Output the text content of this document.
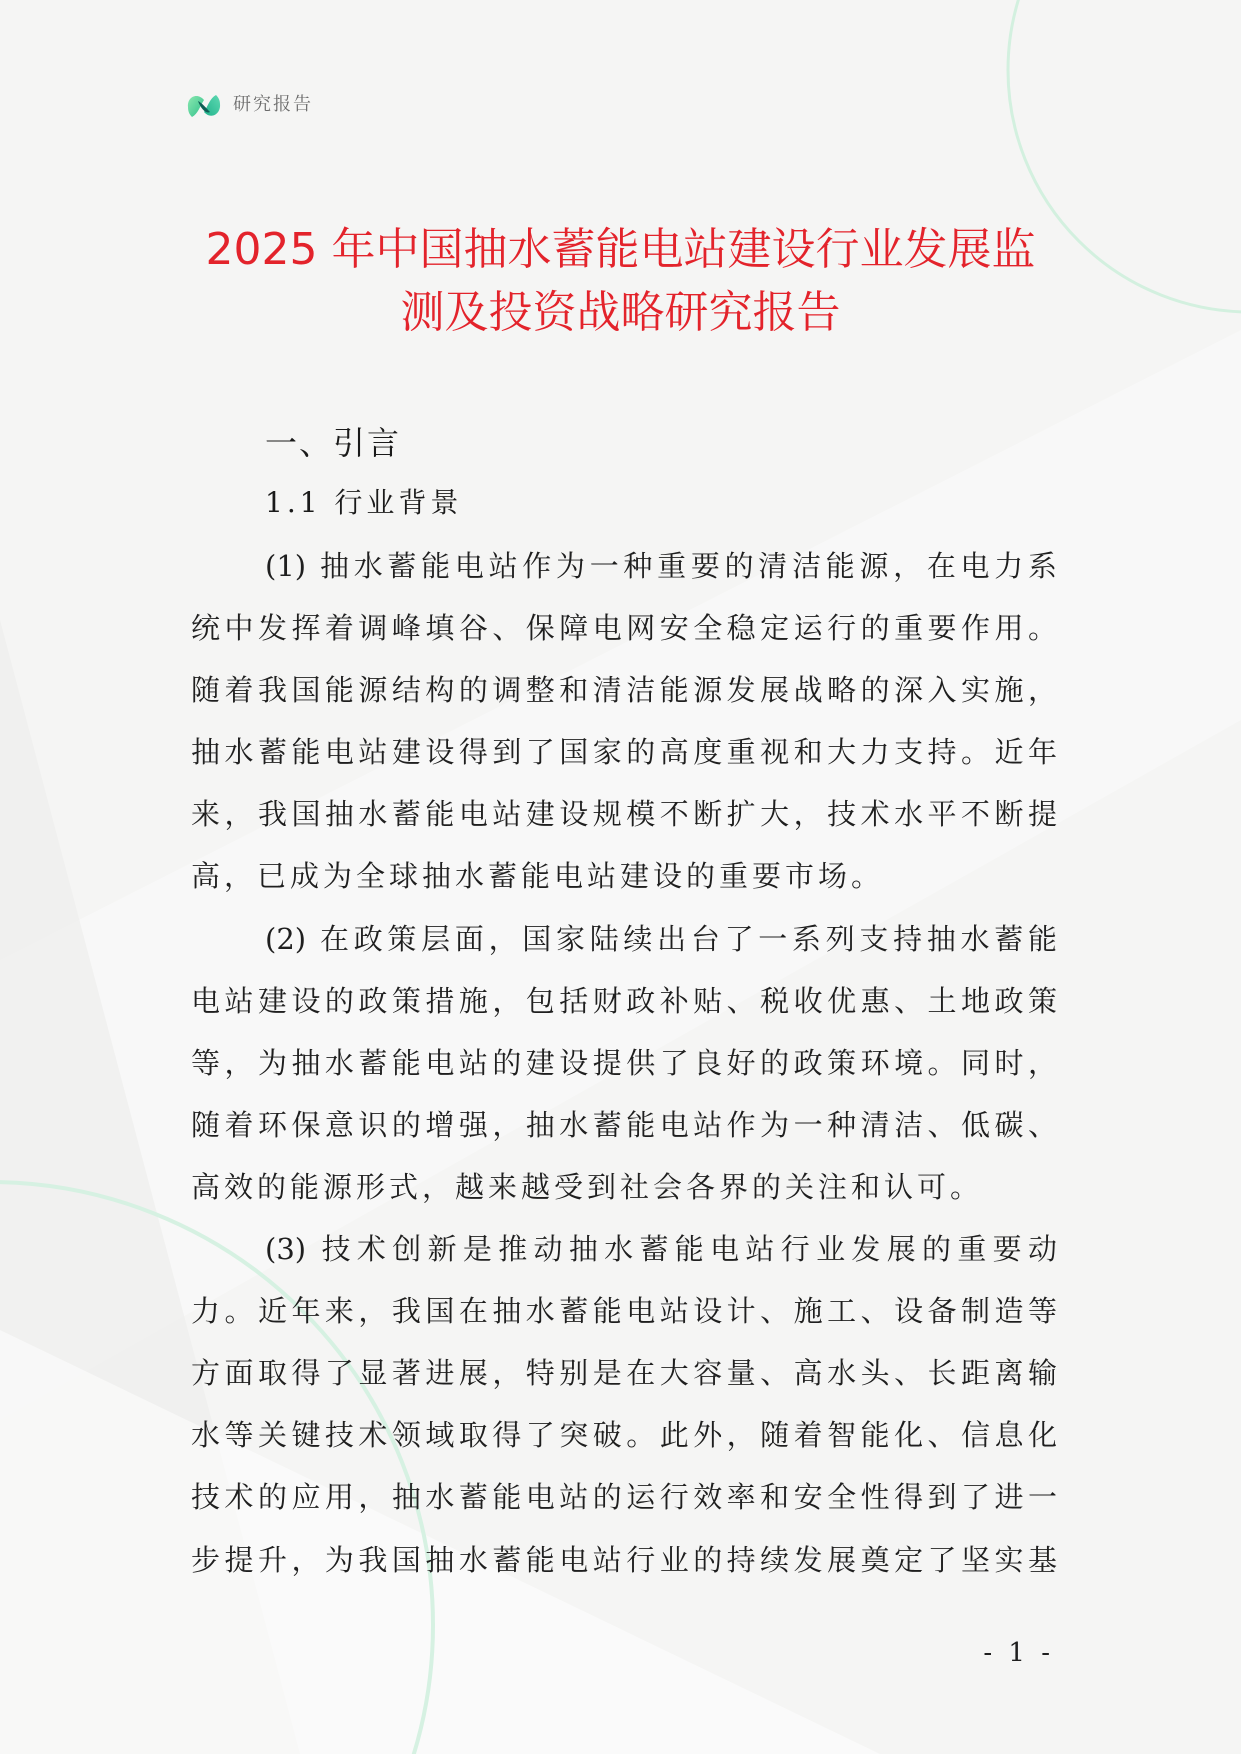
研究报告
2025 年中国抽水蓄能电站建设行业发展监
测及投资战略研究报告
一、引言
1.1 行业背景
(1) 抽水蓄能电站作为一种重要的清洁能源，在电力系
统中发挥着调峰填谷、保障电网安全稳定运行的重要作用。
随着我国能源结构的调整和清洁能源发展战略的深入实施，
抽水蓄能电站建设得到了国家的高度重视和大力支持。近年
来，我国抽水蓄能电站建设规模不断扩大，技术水平不断提
高，已成为全球抽水蓄能电站建设的重要市场。
(2) 在政策层面，国家陆续出台了一系列支持抽水蓄能
电站建设的政策措施，包括财政补贴、税收优惠、土地政策
等，为抽水蓄能电站的建设提供了良好的政策环境。同时，
随着环保意识的增强，抽水蓄能电站作为一种清洁、低碳、
高效的能源形式，越来越受到社会各界的关注和认可。
(3) 技术创新是推动抽水蓄能电站行业发展的重要动
力。近年来，我国在抽水蓄能电站设计、施工、设备制造等
方面取得了显著进展，特别是在大容量、高水头、长距离输
水等关键技术领域取得了突破。此外，随着智能化、信息化
技术的应用，抽水蓄能电站的运行效率和安全性得到了进一
步提升，为我国抽水蓄能电站行业的持续发展奠定了坚实基
- 1 -
